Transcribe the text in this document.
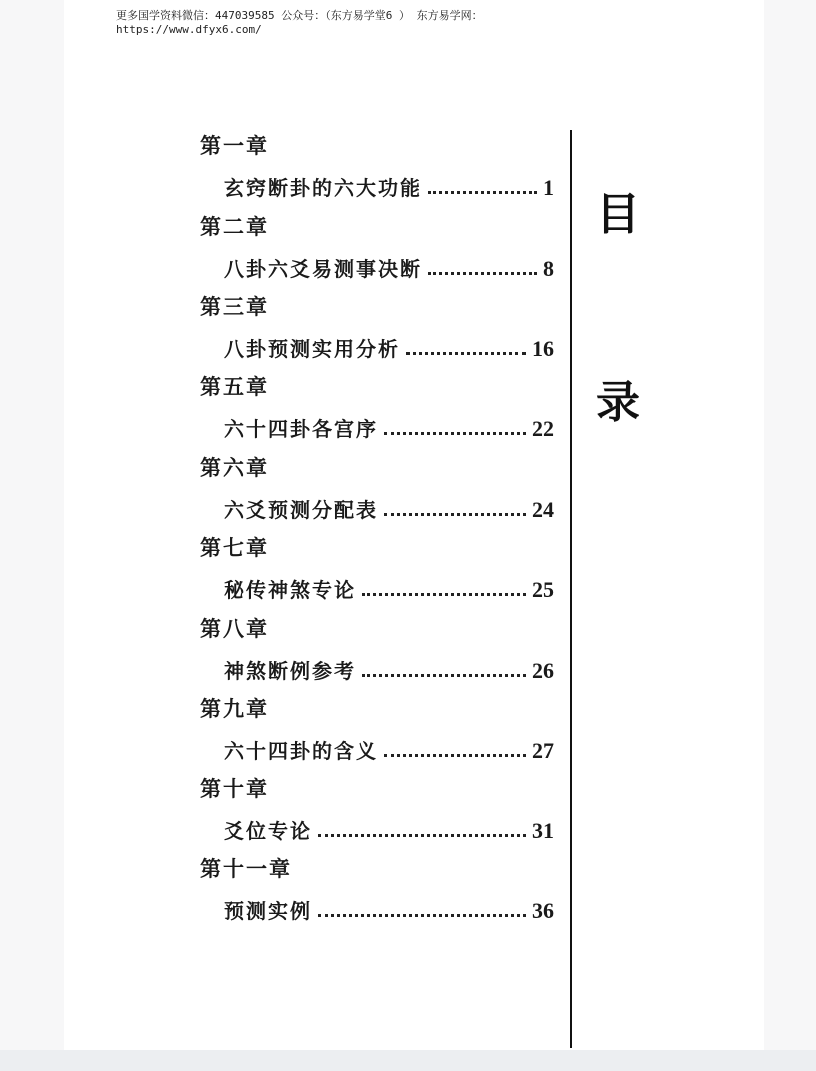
更多国学资料微信：447039585 公众号：（东方易学堂6 ） 东方易学网：
https://www.dfyx6.com/
第一章
玄窍断卦的六大功能	1
第二章
八卦六爻易测事决断	8
第三章
八卦预测实用分析	16
第五章
六十四卦各宫序	22
第六章
六爻预测分配表	24
第七章
秘传神煞专论	25
第八章
神煞断例参考	26
第九章
六十四卦的含义	27
第十章
爻位专论	31
第十一章
预测实例	36
目
录
